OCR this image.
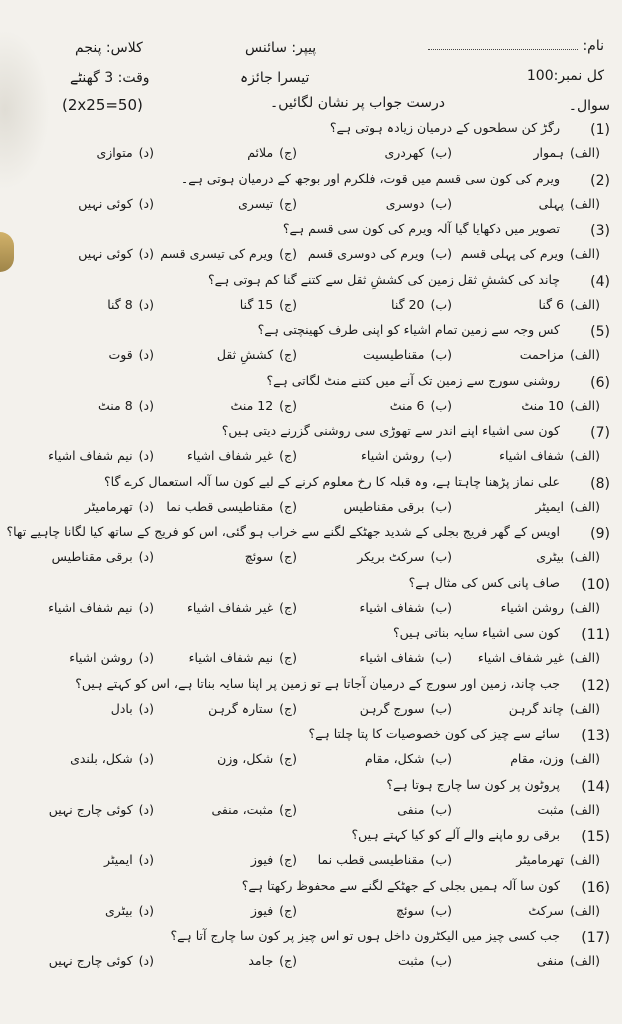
نام:
کل نمبر:100
پیپر: سائنس
تیسرا جائزہ
کلاس: پنجم
وقت: 3 گھنٹے
(2x25=50)	سوال۔
درست جواب پر نشان لگائیں۔
(1)
رگڑ کن سطحوں کے درمیان زیادہ ہوتی ہے؟
(الف)ہموار
(ب)کھردری
(ج)ملائم
(د)متوازی
(2)
ویرم کی کون سی قسم میں قوت، فلکرم اور بوجھ کے درمیان ہوتی ہے۔
(الف)پہلی
(ب)دوسری
(ج)تیسری
(د)کوئی نہیں
(3)
تصویر میں دکھایا گیا آلہ ویرم کی کون سی قسم ہے؟
(الف)ویرم کی پہلی قسم
(ب)ویرم کی دوسری قسم
(ج)ویرم کی تیسری قسم
(د)کوئی نہیں
(4)
چاند کی کششِ ثقل زمین کی کششِ ثقل سے کتنے گنا کم ہوتی ہے؟
(الف)6 گنا
(ب)20 گنا
(ج)15 گنا
(د)8 گنا
(5)
کس وجہ سے زمین تمام اشیاء کو اپنی طرف کھینچتی ہے؟
(الف)مزاحمت
(ب)مقناطیسیت
(ج)کششِ ثقل
(د)قوت
(6)
روشنی سورج سے زمین تک آنے میں کتنے منٹ لگاتی ہے؟
(الف)10 منٹ
(ب)6 منٹ
(ج)12 منٹ
(د)8 منٹ
(7)
کون سی اشیاء اپنے اندر سے تھوڑی سی روشنی گزرنے دیتی ہیں؟
(الف)شفاف اشیاء
(ب)روشن اشیاء
(ج)غیر شفاف اشیاء
(د)نیم شفاف اشیاء
(8)
علی نماز پڑھنا چاہتا ہے، وہ قبلہ کا رخ معلوم کرنے کے لیے کون سا آلہ استعمال کرے گا؟
(الف)ایمیٹر
(ب)برقی مقناطیس
(ج)مقناطیسی قطب نما
(د)تھرمامیٹر
(9)
اویس کے گھر فریج بجلی کے شدید جھٹکے لگنے سے خراب ہو گئی، اس کو فریج کے ساتھ کیا لگانا چاہیے تھا؟
(الف)بیٹری
(ب)سرکٹ بریکر
(ج)سوئچ
(د)برقی مقناطیس
(10)
صاف پانی کس کی مثال ہے؟
(الف)روشن اشیاء
(ب)شفاف اشیاء
(ج)غیر شفاف اشیاء
(د)نیم شفاف اشیاء
(11)
کون سی اشیاء سایہ بناتی ہیں؟
(الف)غیر شفاف اشیاء
(ب)شفاف اشیاء
(ج)نیم شفاف اشیاء
(د)روشن اشیاء
(12)
جب چاند، زمین اور سورج کے درمیان آجاتا ہے تو زمین پر اپنا سایہ بناتا ہے، اس کو کہتے ہیں؟
(الف)چاند گرہن
(ب)سورج گرہن
(ج)ستارہ گرہن
(د)بادل
(13)
سائے سے چیز کی کون خصوصیات کا پتا چلتا ہے؟
(الف)وزن، مقام
(ب)شکل، مقام
(ج)شکل، وزن
(د)شکل، بلندی
(14)
پروٹون پر کون سا چارج ہوتا ہے؟
(الف)مثبت
(ب)منفی
(ج)مثبت، منفی
(د)کوئی چارج نہیں
(15)
برقی رو ماپنے والے آلے کو کیا کہتے ہیں؟
(الف)تھرمامیٹر
(ب)مقناطیسی قطب نما
(ج)فیوز
(د)ایمیٹر
(16)
کون سا آلہ ہمیں بجلی کے جھٹکے لگنے سے محفوظ رکھتا ہے؟
(الف)سرکٹ
(ب)سوئچ
(ج)فیوز
(د)بیٹری
(17)
جب کسی چیز میں الیکٹرون داخل ہوں تو اس چیز پر کون سا چارج آتا ہے؟
(الف)منفی
(ب)مثبت
(ج)جامد
(د)کوئی چارج نہیں
